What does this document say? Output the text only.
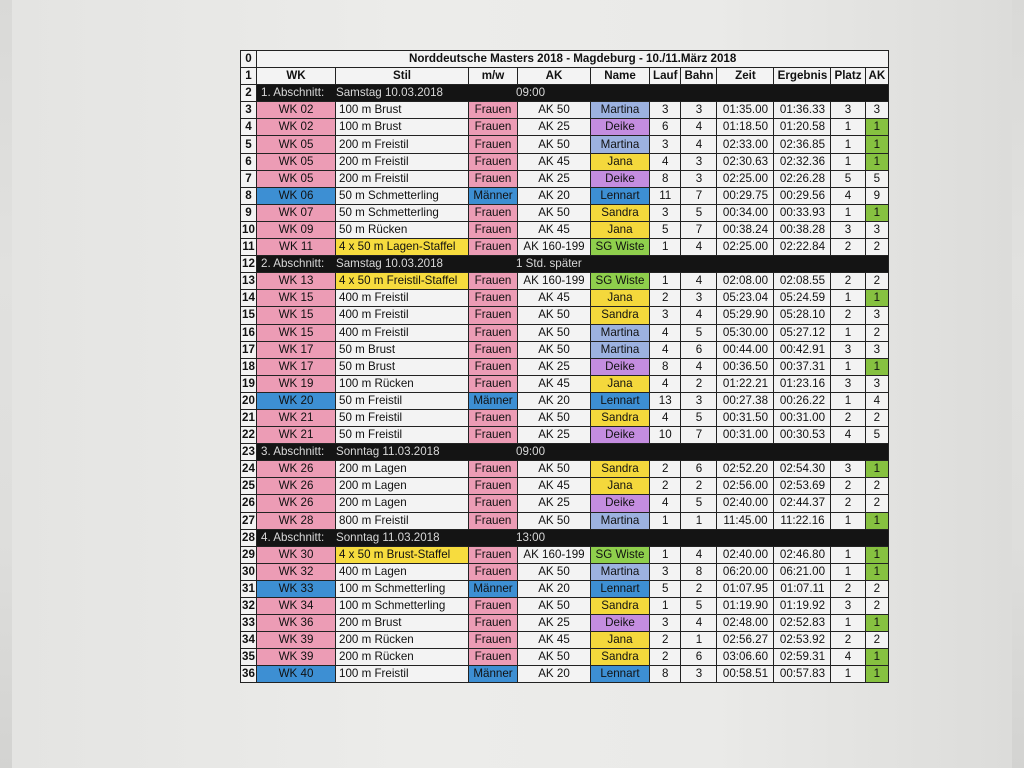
0	Norddeutsche Masters 2018 - Magdeburg - 10./11.März 2018										
1	WK	Stil	m/w	AK	Name	Lauf	Bahn	Zeit	Ergebnis	Platz	AK
2	1. Abschnitt: Samstag 10.03.2018 09:00										

3	WK 02	100 m Brust	Frauen	AK 50	Martina	3	3	01:35.00	01:36.33	3	3
4	WK 02	100 m Brust	Frauen	AK 25	Deike	6	4	01:18.50	01:20.58	1	1
5	WK 05	200 m Freistil	Frauen	AK 50	Martina	3	4	02:33.00	02:36.85	1	1
6	WK 05	200 m Freistil	Frauen	AK 45	Jana	4	3	02:30.63	02:32.36	1	1
7	WK 05	200 m Freistil	Frauen	AK 25	Deike	8	3	02:25.00	02:26.28	5	5
8	WK 06	50 m Schmetterling	Männer	AK 20	Lennart	11	7	00:29.75	00:29.56	4	9
9	WK 07	50 m Schmetterling	Frauen	AK 50	Sandra	3	5	00:34.00	00:33.93	1	1
10	WK 09	50 m Rücken	Frauen	AK 45	Jana	5	7	00:38.24	00:38.28	3	3
11	WK 11	4 x 50 m Lagen-Staffel	Frauen	AK 160-199	SG Wiste	1	4	02:25.00	02:22.84	2	2
12	2. Abschnitt: Samstag 10.03.2018 1 Std. später										

13	WK 13	4 x 50 m Freistil-Staffel	Frauen	AK 160-199	SG Wiste	1	4	02:08.00	02:08.55	2	2
14	WK 15	400 m Freistil	Frauen	AK 45	Jana	2	3	05:23.04	05:24.59	1	1
15	WK 15	400 m Freistil	Frauen	AK 50	Sandra	3	4	05:29.90	05:28.10	2	3
16	WK 15	400 m Freistil	Frauen	AK 50	Martina	4	5	05:30.00	05:27.12	1	2
17	WK 17	50 m Brust	Frauen	AK 50	Martina	4	6	00:44.00	00:42.91	3	3
18	WK 17	50 m Brust	Frauen	AK 25	Deike	8	4	00:36.50	00:37.31	1	1
19	WK 19	100 m Rücken	Frauen	AK 45	Jana	4	2	01:22.21	01:23.16	3	3
20	WK 20	50 m Freistil	Männer	AK 20	Lennart	13	3	00:27.38	00:26.22	1	4
21	WK 21	50 m Freistil	Frauen	AK 50	Sandra	4	5	00:31.50	00:31.00	2	2
22	WK 21	50 m Freistil	Frauen	AK 25	Deike	10	7	00:31.00	00:30.53	4	5
23	3. Abschnitt: Sonntag 11.03.2018 09:00										

24	WK 26	200 m Lagen	Frauen	AK 50	Sandra	2	6	02:52.20	02:54.30	3	1
25	WK 26	200 m Lagen	Frauen	AK 45	Jana	2	2	02:56.00	02:53.69	2	2
26	WK 26	200 m Lagen	Frauen	AK 25	Deike	4	5	02:40.00	02:44.37	2	2
27	WK 28	800 m Freistil	Frauen	AK 50	Martina	1	1	11:45.00	11:22.16	1	1
28	4. Abschnitt: Sonntag 11.03.2018 13:00										

29	WK 30	4 x 50 m Brust-Staffel	Frauen	AK 160-199	SG Wiste	1	4	02:40.00	02:46.80	1	1
30	WK 32	400 m Lagen	Frauen	AK 50	Martina	3	8	06:20.00	06:21.00	1	1
31	WK 33	100 m Schmetterling	Männer	AK 20	Lennart	5	2	01:07.95	01:07.11	2	2
32	WK 34	100 m Schmetterling	Frauen	AK 50	Sandra	1	5	01:19.90	01:19.92	3	2
33	WK 36	200 m Brust	Frauen	AK 25	Deike	3	4	02:48.00	02:52.83	1	1
34	WK 39	200 m Rücken	Frauen	AK 45	Jana	2	1	02:56.27	02:53.92	2	2
35	WK 39	200 m Rücken	Frauen	AK 50	Sandra	2	6	03:06.60	02:59.31	4	1
36	WK 40	100 m Freistil	Männer	AK 20	Lennart	8	3	00:58.51	00:57.83	1	1
